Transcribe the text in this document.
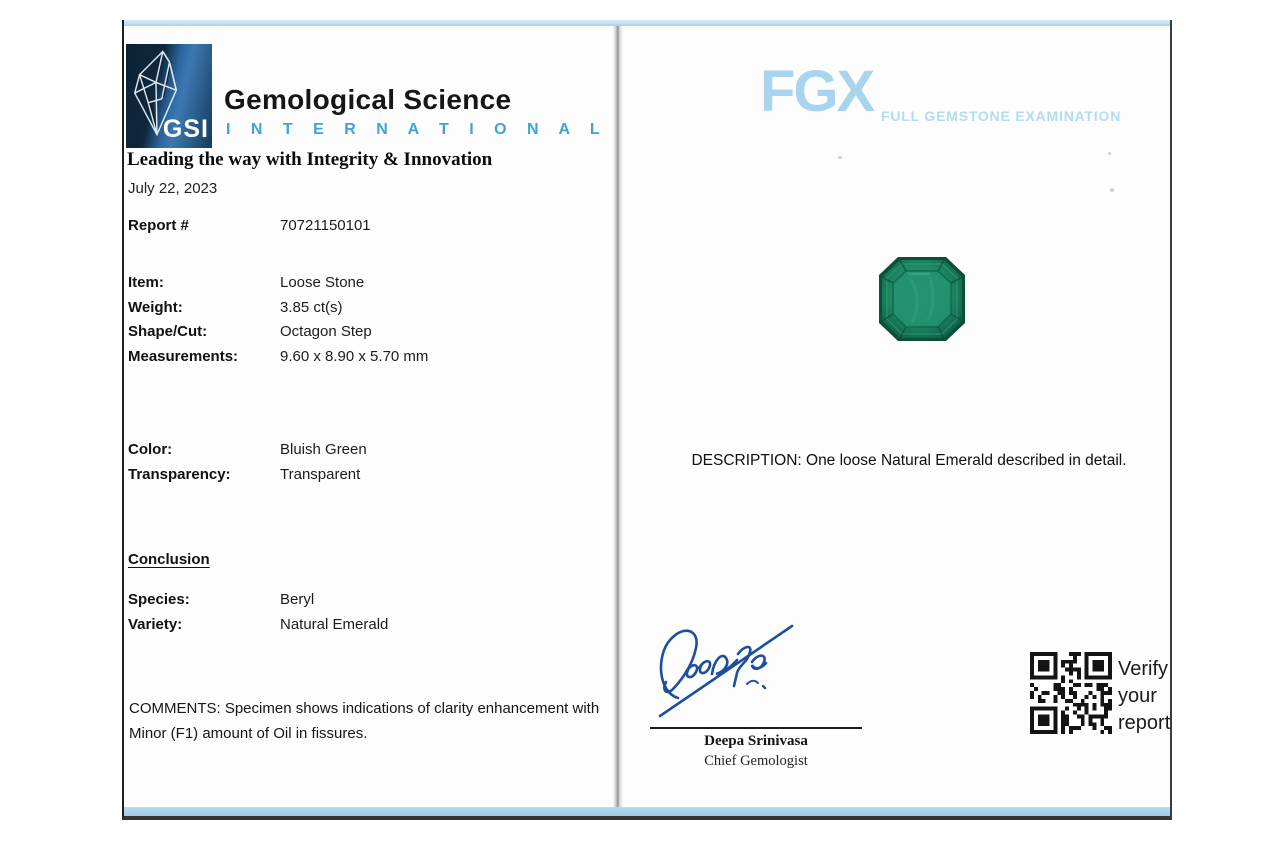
GSI
Gemological Science
I N T E R N A T I O N A L
Leading the way with Integrity & Innovation
July 22, 2023
Report #	70721150101
Item:	Loose Stone
Weight:	3.85 ct(s)
Shape/Cut:	Octagon Step
Measurements:	9.60 x 8.90 x 5.70 mm
Color:	Bluish Green
Transparency:	Transparent
Conclusion
Species:	Beryl
Variety:	Natural Emerald
COMMENTS: Specimen shows indications of clarity enhancement with Minor (F1) amount of Oil in fissures.
FGX FULL GEMSTONE EXAMINATION
DESCRIPTION: One loose Natural Emerald described in detail.
Deepa Srinivasa
Chief Gemologist
Verify
your
report
